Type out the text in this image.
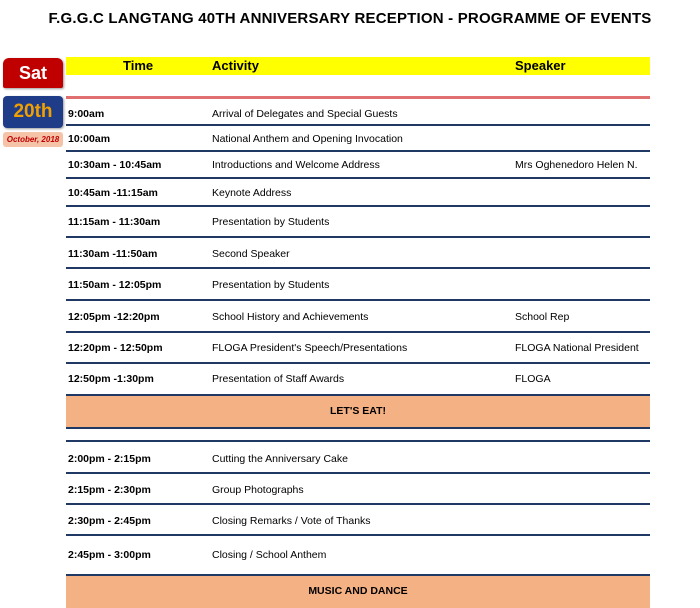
F.G.G.C LANGTANG 40TH ANNIVERSARY RECEPTION - PROGRAMME OF EVENTS
Sat
20th
October, 2018
Time	Activity	Speaker
9:00am	Arrival of Delegates and Special Guests
10:00am	National Anthem and Opening Invocation
10:30am - 10:45am	Introductions and Welcome Address	Mrs Oghenedoro Helen N.
10:45am -11:15am	Keynote Address
11:15am - 11:30am	Presentation by Students
11:30am -11:50am	Second Speaker
11:50am - 12:05pm	Presentation by Students
12:05pm -12:20pm	School History and Achievements	School Rep
12:20pm - 12:50pm	FLOGA President's Speech/Presentations	FLOGA National President
12:50pm -1:30pm	Presentation of Staff Awards	FLOGA
LET'S EAT!
2:00pm - 2:15pm	Cutting the Anniversary Cake
2:15pm - 2:30pm	Group Photographs
2:30pm - 2:45pm	Closing Remarks / Vote of Thanks
2:45pm - 3:00pm	Closing / School Anthem
MUSIC AND DANCE
